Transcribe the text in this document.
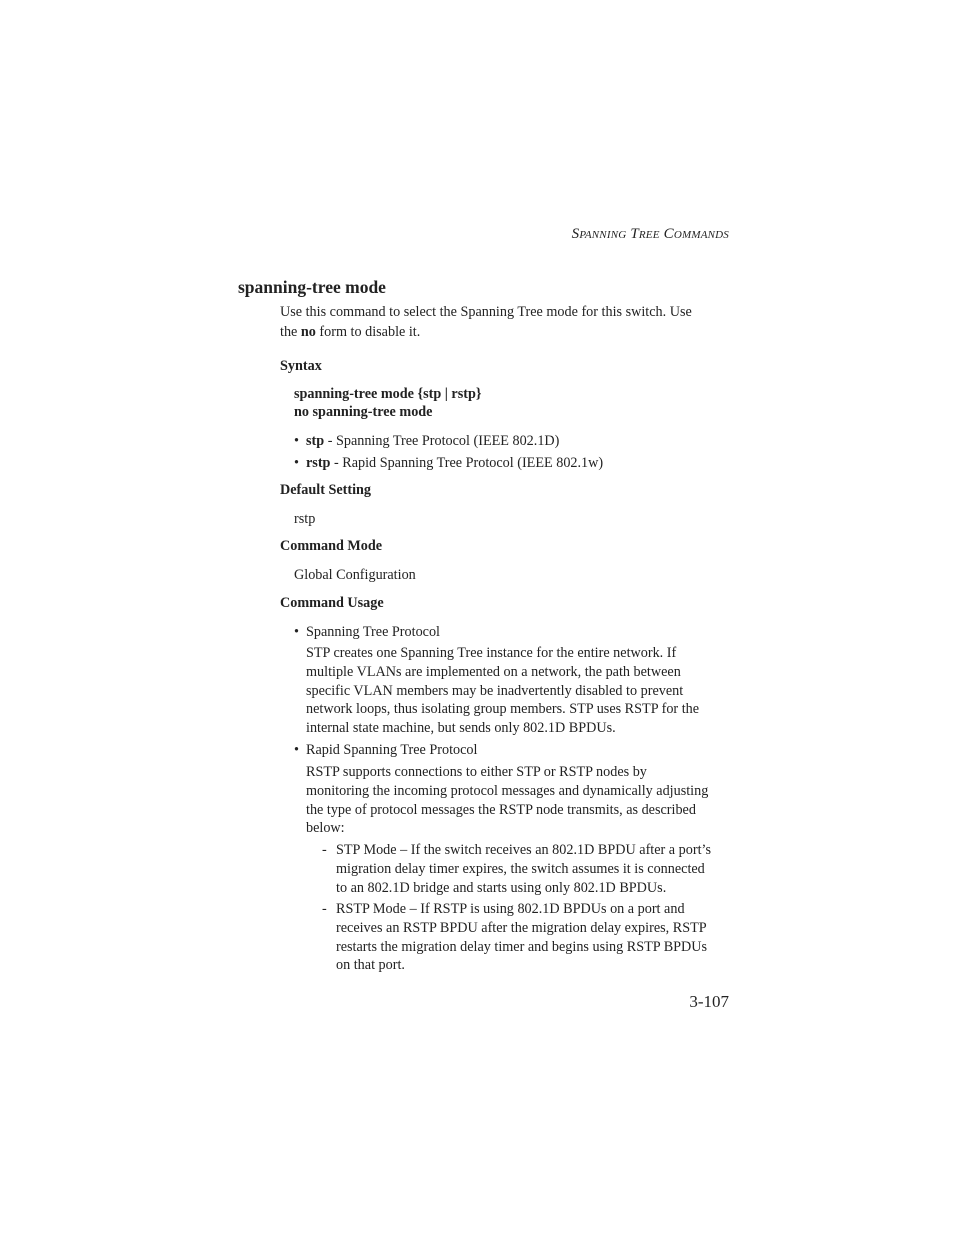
SPANNING TREE COMMANDS
spanning-tree mode
Use this command to select the Spanning Tree mode for this switch. Use
the no form to disable it.
Syntax
spanning-tree mode {stp | rstp}
no spanning-tree mode
• stp - Spanning Tree Protocol (IEEE 802.1D)
• rstp - Rapid Spanning Tree Protocol (IEEE 802.1w)
Default Setting
rstp
Command Mode
Global Configuration
Command Usage
• Spanning Tree Protocol
STP creates one Spanning Tree instance for the entire network. If
multiple VLANs are implemented on a network, the path between
specific VLAN members may be inadvertently disabled to prevent
network loops, thus isolating group members. STP uses RSTP for the
internal state machine, but sends only 802.1D BPDUs.
• Rapid Spanning Tree Protocol
RSTP supports connections to either STP or RSTP nodes by
monitoring the incoming protocol messages and dynamically adjusting
the type of protocol messages the RSTP node transmits, as described
below:
- STP Mode – If the switch receives an 802.1D BPDU after a port’s
migration delay timer expires, the switch assumes it is connected
to an 802.1D bridge and starts using only 802.1D BPDUs.
- RSTP Mode – If RSTP is using 802.1D BPDUs on a port and
receives an RSTP BPDU after the migration delay expires, RSTP
restarts the migration delay timer and begins using RSTP BPDUs
on that port.
3-107
